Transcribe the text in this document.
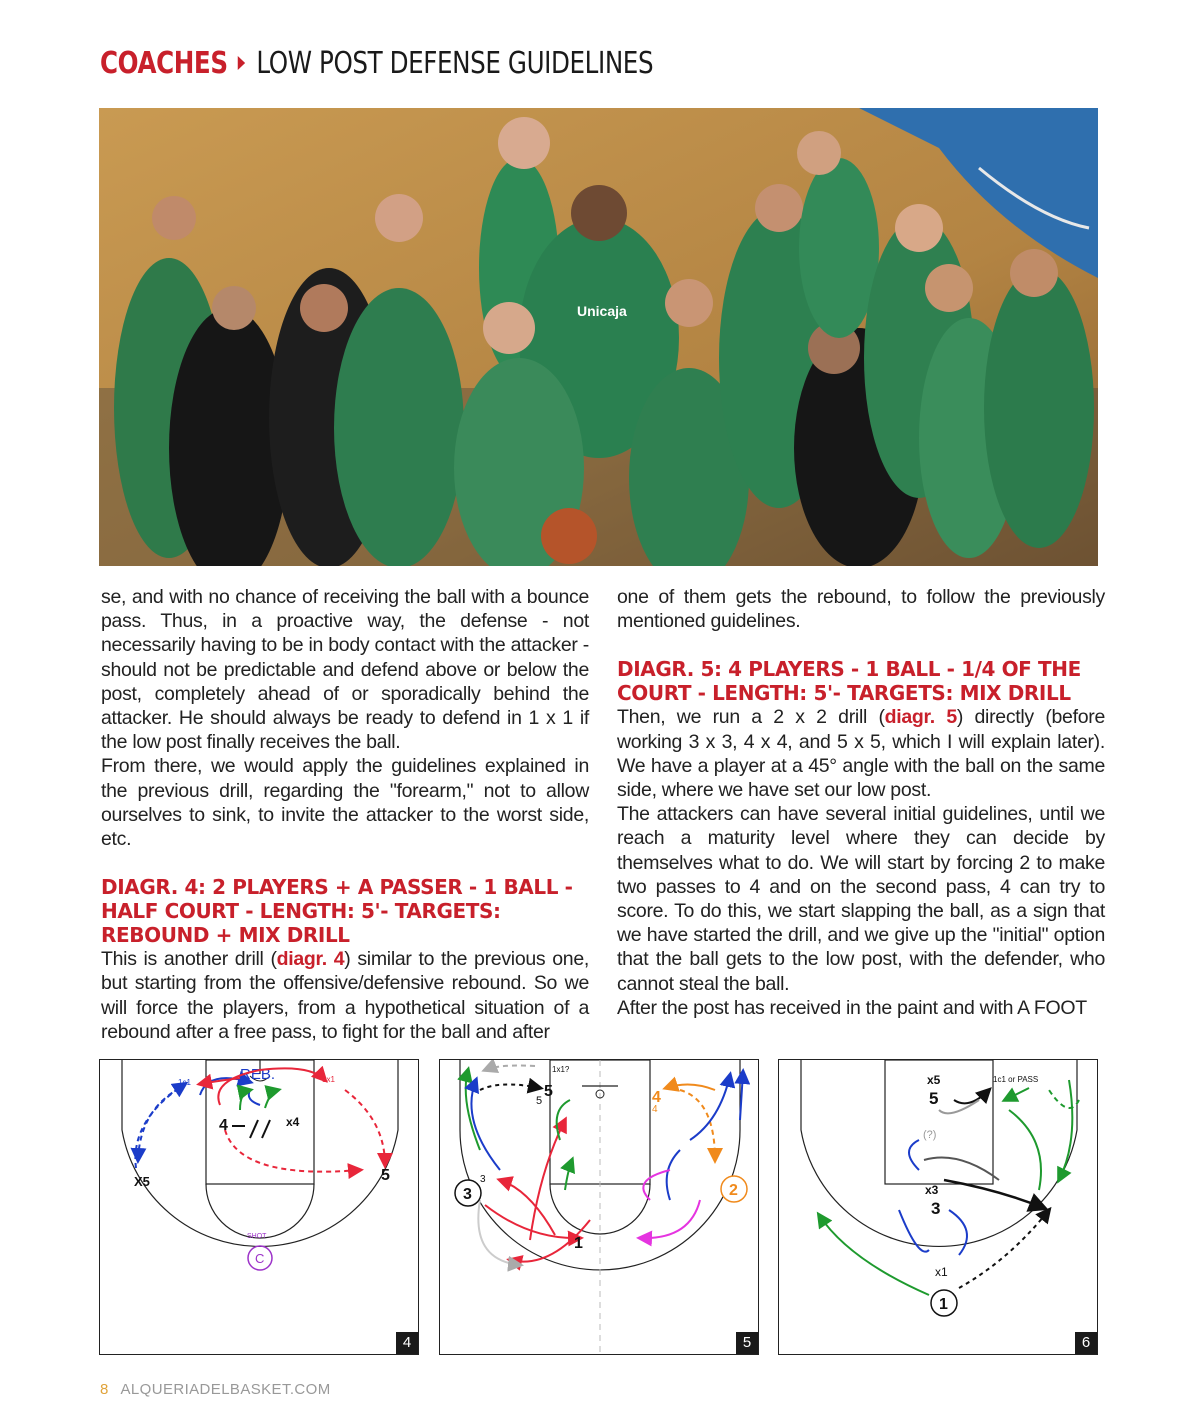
COACHES LOW POST DEFENSE GUIDELINES
Unicaja

se, and with no chance of receiving the ball with a bounce pass. Thus, in a proactive way, the defense - not necessarily having to be in body contact with the attacker - should not be predictable and defend above or below the post, completely ahead of or sporadically behind the attacker. He should always be ready to defend in 1 x 1 if the low post finally receives the ball.

From there, we would apply the guidelines explained in the previous drill, regarding the "forearm," not to allow ourselves to sink, to invite the attacker to the worst side, etc.

DIAGR. 4: 2 PLAYERS + A PASSER - 1 BALL - HALF COURT - LENGTH: 5'- TARGETS: REBOUND + MIX DRILL

This is another drill (diagr. 4) similar to the previous one, but starting from the offensive/defensive rebound. So we will force the players, from a hypothetical situation of a rebound after a free pass, to fight for the ball and after

one of them gets the rebound, to follow the previously mentioned guidelines.

DIAGR. 5: 4 PLAYERS - 1 BALL - 1/4 OF THE COURT - LENGTH: 5'- TARGETS: MIX DRILL

Then, we run a 2 x 2 drill (diagr. 5) directly (before working 3 x 3, 4 x 4, and 5 x 5, which I will explain later). We have a player at a 45° angle with the ball on the same side, where we have set our low post.

The attackers can have several initial guidelines, until we reach a maturity level where they can decide by themselves what to do. We will start by forcing 2 to make two passes to 4 and on the second pass, 4 can try to score. To do this, we start slapping the ball, as a sign that we have started the drill, and we give up the "initial" option that the ball gets to the low post, with the defender, who cannot steal the ball.

After the post has received in the paint and with A FOOT

REB.
1c1	1x1
4	x4
X5	5
SHOT
C
4
1x1?
5
5	4
4
3
3
2
1
5
x5
5
1c1 or PASS
(?)
x3
3
x1
1
6
8 ALQUERIADELBASKET.COM
